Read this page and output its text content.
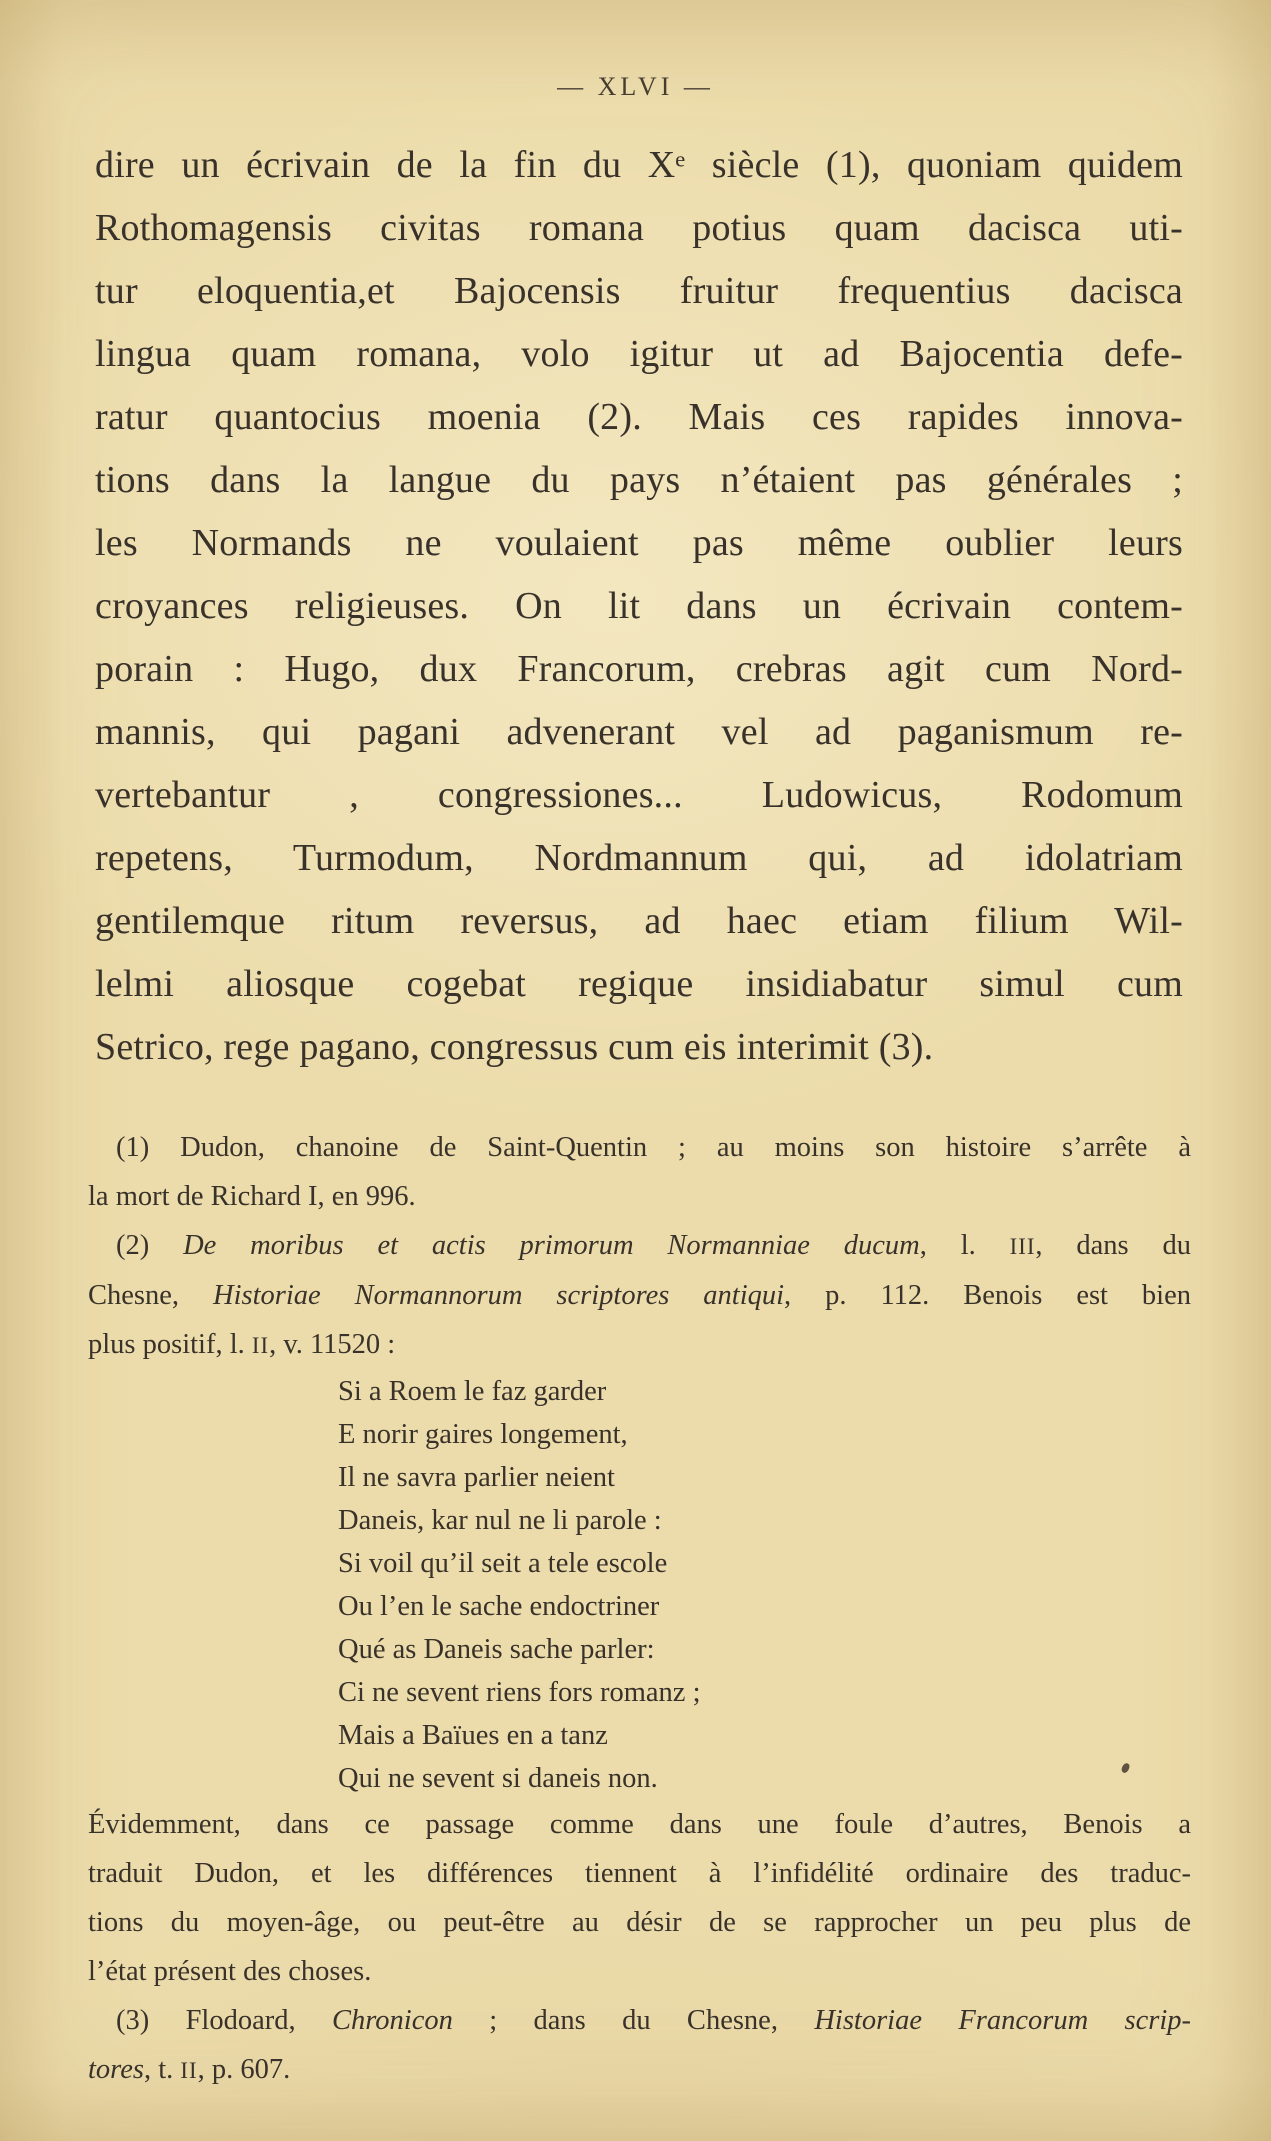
— XLVI —
dire un écrivain de la fin du Xᵉ siècle (1), quoniam quidem
Rothomagensis civitas romana potius quam dacisca uti-
tur eloquentia,et Bajocensis fruitur frequentius dacisca
lingua quam romana, volo igitur ut ad Bajocentia defe-
ratur quantocius moenia (2). Mais ces rapides innova-
tions dans la langue du pays n’étaient pas générales ;
les Normands ne voulaient pas même oublier leurs
croyances religieuses. On lit dans un écrivain contem-
porain : Hugo, dux Francorum, crebras agit cum Nord-
mannis, qui pagani advenerant vel ad paganismum re-
vertebantur , congressiones... Ludowicus, Rodomum
repetens, Turmodum, Nordmannum qui, ad idolatriam
gentilemque ritum reversus, ad haec etiam filium Wil-
lelmi aliosque cogebat regique insidiabatur simul cum
Setrico, rege pagano, congressus cum eis interimit (3).
(1) Dudon, chanoine de Saint-Quentin ; au moins son histoire s’arrête à
la mort de Richard I, en 996.
(2) De moribus et actis primorum Normanniae ducum, l. III, dans du
Chesne, Historiae Normannorum scriptores antiqui, p. 112. Benois est bien
plus positif, l. II, v. 11520 :
Si a Roem le faz garder
E norir gaires longement,
Il ne savra parlier neient
Daneis, kar nul ne li parole :
Si voil qu’il seit a tele escole
Ou l’en le sache endoctriner
Qué as Daneis sache parler:
Ci ne sevent riens fors romanz ;
Mais a Baïues en a tanz
Qui ne sevent si daneis non.
Évidemment, dans ce passage comme dans une foule d’autres, Benois a
traduit Dudon, et les différences tiennent à l’infidélité ordinaire des traduc-
tions du moyen-âge, ou peut-être au désir de se rapprocher un peu plus de
l’état présent des choses.
(3) Flodoard, Chronicon ; dans du Chesne, Historiae Francorum scrip-
tores, t. II, p. 607.
